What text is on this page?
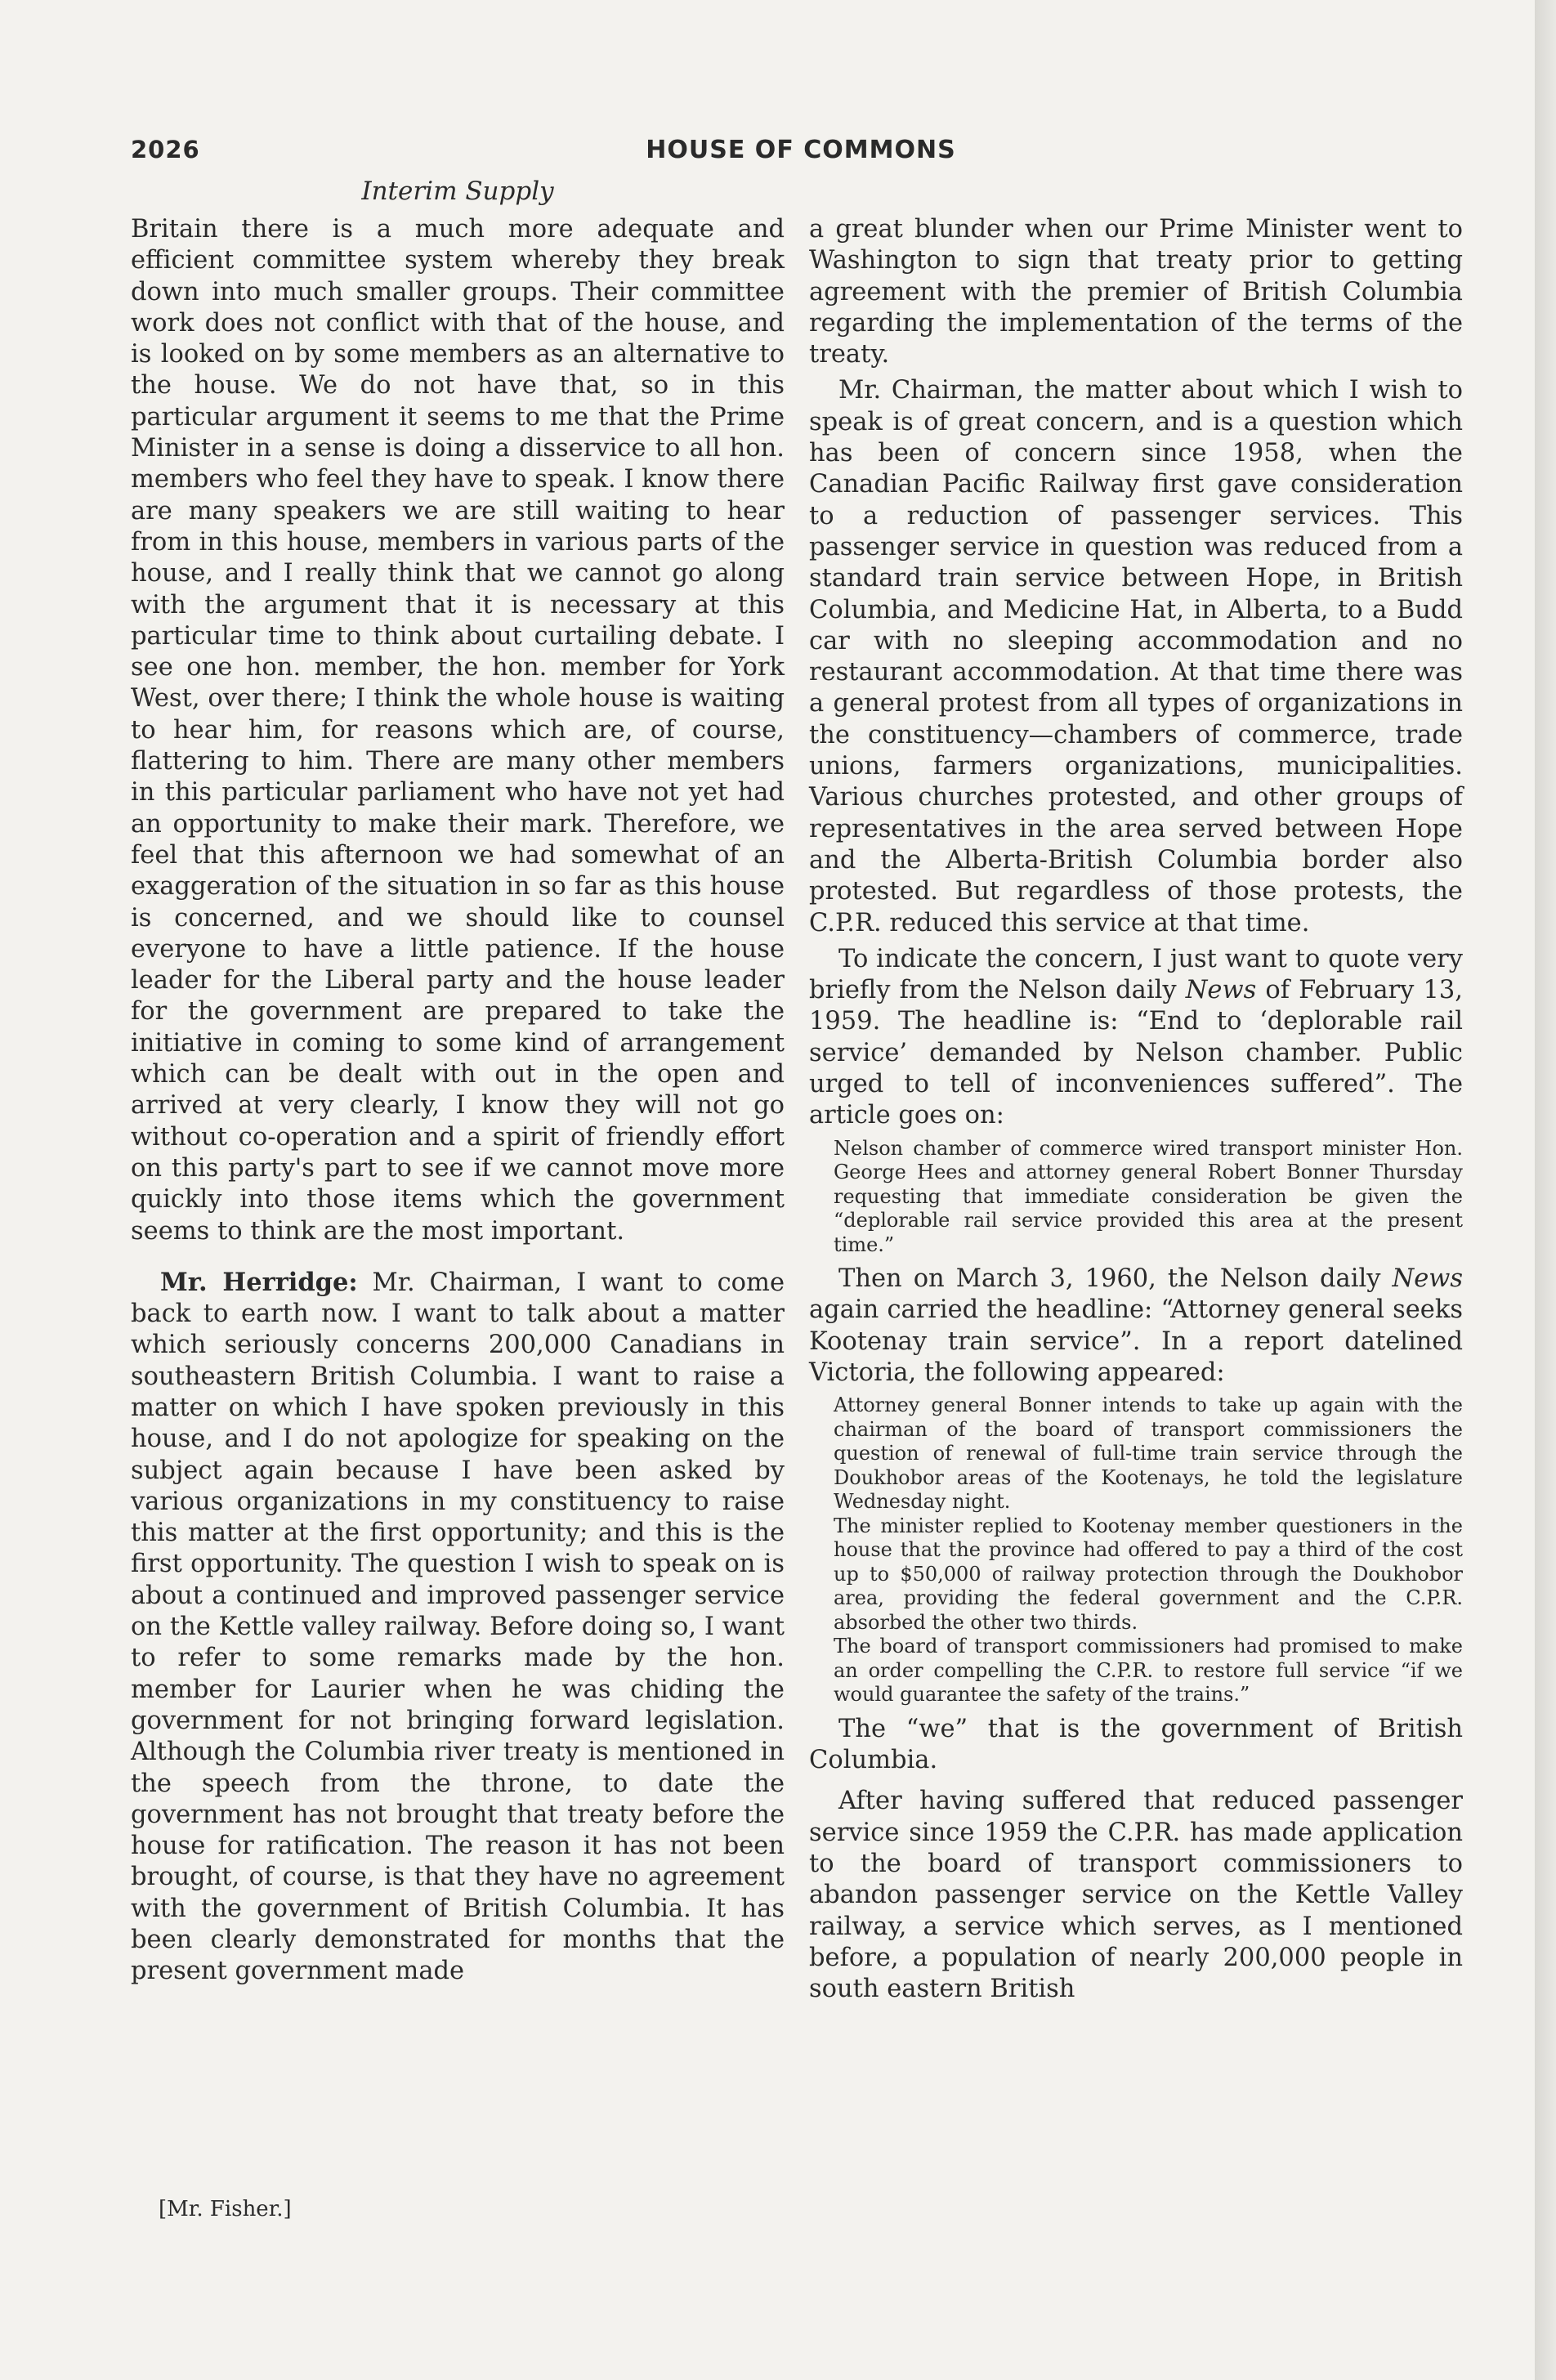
2026	HOUSE OF COMMONS
Interim Supply

Britain there is a much more adequate and efficient committee system whereby they break down into much smaller groups. Their committee work does not conflict with that of the house, and is looked on by some members as an alternative to the house. We do not have that, so in this particular argument it seems to me that the Prime Minister in a sense is doing a disservice to all hon. members who feel they have to speak. I know there are many speakers we are still waiting to hear from in this house, members in various parts of the house, and I really think that we cannot go along with the argument that it is necessary at this particular time to think about curtailing debate. I see one hon. member, the hon. member for York West, over there; I think the whole house is waiting to hear him, for reasons which are, of course, flattering to him. There are many other members in this particular parliament who have not yet had an opportunity to make their mark. Therefore, we feel that this afternoon we had somewhat of an exaggeration of the situation in so far as this house is concerned, and we should like to counsel everyone to have a little patience. If the house leader for the Liberal party and the house leader for the government are prepared to take the initiative in coming to some kind of arrangement which can be dealt with out in the open and arrived at very clearly, I know they will not go without co-operation and a spirit of friendly effort on this party's part to see if we cannot move more quickly into those items which the government seems to think are the most important.

Mr. Herridge: Mr. Chairman, I want to come back to earth now. I want to talk about a matter which seriously concerns 200,000 Canadians in southeastern British Columbia. I want to raise a matter on which I have spoken previously in this house, and I do not apologize for speaking on the subject again because I have been asked by various organizations in my constituency to raise this matter at the first opportunity; and this is the first opportunity. The question I wish to speak on is about a continued and improved passenger service on the Kettle valley railway. Before doing so, I want to refer to some remarks made by the hon. member for Laurier when he was chiding the government for not bringing forward legislation. Although the Columbia river treaty is mentioned in the speech from the throne, to date the government has not brought that treaty before the house for ratification. The reason it has not been brought, of course, is that they have no agreement with the government of British Columbia. It has been clearly demonstrated for months that the present government made

a great blunder when our Prime Minister went to Washington to sign that treaty prior to getting agreement with the premier of British Columbia regarding the implementation of the terms of the treaty.

Mr. Chairman, the matter about which I wish to speak is of great concern, and is a question which has been of concern since 1958, when the Canadian Pacific Railway first gave consideration to a reduction of passenger services. This passenger service in question was reduced from a standard train service between Hope, in British Columbia, and Medicine Hat, in Alberta, to a Budd car with no sleeping accommodation and no restaurant accommodation. At that time there was a general protest from all types of organizations in the constituency—chambers of commerce, trade unions, farmers organizations, municipalities. Various churches protested, and other groups of representatives in the area served between Hope and the Alberta-British Columbia border also protested. But regardless of those protests, the C.P.R. reduced this service at that time.

To indicate the concern, I just want to quote very briefly from the Nelson daily News of February 13, 1959. The headline is: “End to ‘deplorable rail service’ demanded by Nelson chamber. Public urged to tell of inconveniences suffered”. The article goes on:

Nelson chamber of commerce wired transport minister Hon. George Hees and attorney general Robert Bonner Thursday requesting that immediate consideration be given the “deplorable rail service provided this area at the present time.”

Then on March 3, 1960, the Nelson daily News again carried the headline: “Attorney general seeks Kootenay train service”. In a report datelined Victoria, the following appeared:

Attorney general Bonner intends to take up again with the chairman of the board of transport commissioners the question of renewal of full-time train service through the Doukhobor areas of the Kootenays, he told the legislature Wednesday night.

The minister replied to Kootenay member questioners in the house that the province had offered to pay a third of the cost up to $50,000 of railway protection through the Doukhobor area, providing the federal government and the C.P.R. absorbed the other two thirds.

The board of transport commissioners had promised to make an order compelling the C.P.R. to restore full service “if we would guarantee the safety of the trains.”

The “we” that is the government of British Columbia.

After having suffered that reduced passenger service since 1959 the C.P.R. has made application to the board of transport commissioners to abandon passenger service on the Kettle Valley railway, a service which serves, as I mentioned before, a population of nearly 200,000 people in south eastern British

[Mr. Fisher.]
